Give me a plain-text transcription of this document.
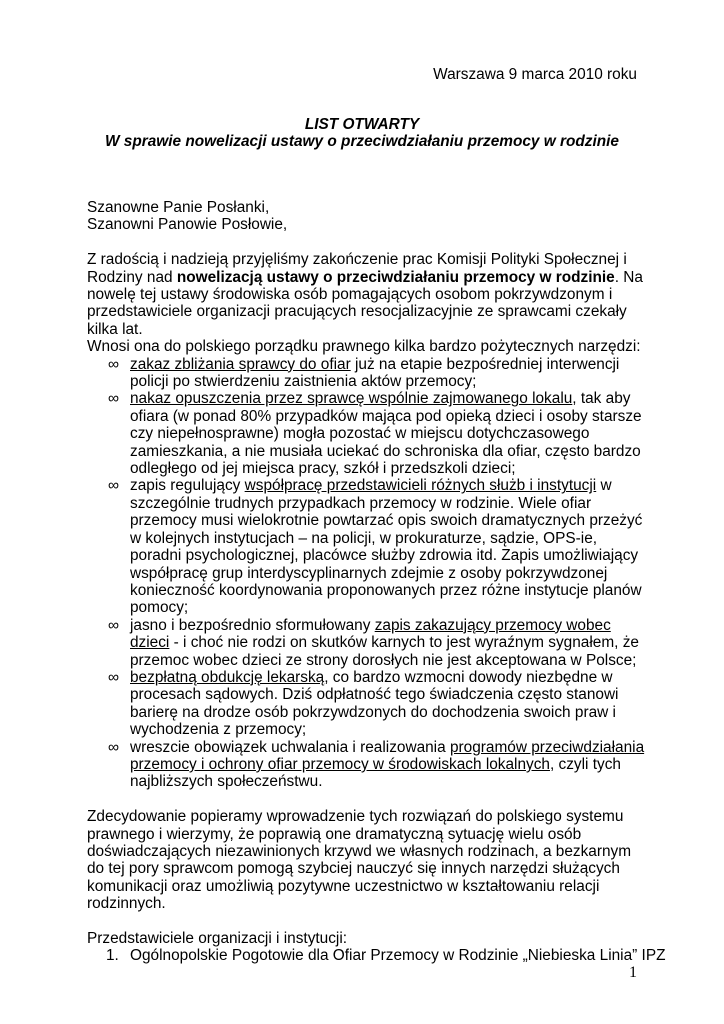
Warszawa 9 marca 2010 roku
LIST OTWARTY
W sprawie nowelizacji ustawy o przeciwdziałaniu przemocy w rodzinie

Szanowne Panie Posłanki,

Szanowni Panowie Posłowie,

Z radością i nadzieją przyjęliśmy zakończenie prac Komisji Polityki Społecznej i Rodziny nad nowelizacją ustawy o przeciwdziałaniu przemocy w rodzinie. Na nowelę tej ustawy środowiska osób pomagających osobom pokrzywdzonym i przedstawiciele organizacji pracujących resocjalizacyjnie ze sprawcami czekały kilka lat.

Wnosi ona do polskiego porządku prawnego kilka bardzo pożytecznych narzędzi:

∞ zakaz zbliżania sprawcy do ofiar już na etapie bezpośredniej interwencji policji po stwierdzeniu zaistnienia aktów przemocy;
∞ nakaz opuszczenia przez sprawcę wspólnie zajmowanego lokalu, tak aby ofiara (w ponad 80% przypadków mająca pod opieką dzieci i osoby starsze czy niepełnosprawne) mogła pozostać w miejscu dotychczasowego zamieszkania, a nie musiała uciekać do schroniska dla ofiar, często bardzo odległego od jej miejsca pracy, szkół i przedszkoli dzieci;
∞ zapis regulujący współpracę przedstawicieli różnych służb i instytucji w szczególnie trudnych przypadkach przemocy w rodzinie. Wiele ofiar przemocy musi wielokrotnie powtarzać opis swoich dramatycznych przeżyć w kolejnych instytucjach – na policji, w prokuraturze, sądzie, OPS-ie, poradni psychologicznej, placówce służby zdrowia itd. Zapis umożliwiający współpracę grup interdyscyplinarnych zdejmie z osoby pokrzywdzonej konieczność koordynowania proponowanych przez różne instytucje planów pomocy;
∞ jasno i bezpośrednio sformułowany zapis zakazujący przemocy wobec dzieci - i choć nie rodzi on skutków karnych to jest wyraźnym sygnałem, że przemoc wobec dzieci ze strony dorosłych nie jest akceptowana w Polsce;
∞ bezpłatną obdukcję lekarską, co bardzo wzmocni dowody niezbędne w procesach sądowych. Dziś odpłatność tego świadczenia często stanowi barierę na drodze osób pokrzywdzonych do dochodzenia swoich praw i wychodzenia z przemocy;
∞ wreszcie obowiązek uchwalania i realizowania programów przeciwdziałania przemocy i ochrony ofiar przemocy w środowiskach lokalnych, czyli tych najbliższych społeczeństwu.

Zdecydowanie popieramy wprowadzenie tych rozwiązań do polskiego systemu prawnego i wierzymy, że poprawią one dramatyczną sytuację wielu osób doświadczających niezawinionych krzywd we własnych rodzinach, a bezkarnym do tej pory sprawcom pomogą szybciej nauczyć się innych narzędzi służących komunikacji oraz umożliwią pozytywne uczestnictwo w kształtowaniu relacji rodzinnych.

Przedstawiciele organizacji i instytucji:

1. Ogólnopolskie Pogotowie dla Ofiar Przemocy w Rodzinie „Niebieska Linia” IPZ
1
